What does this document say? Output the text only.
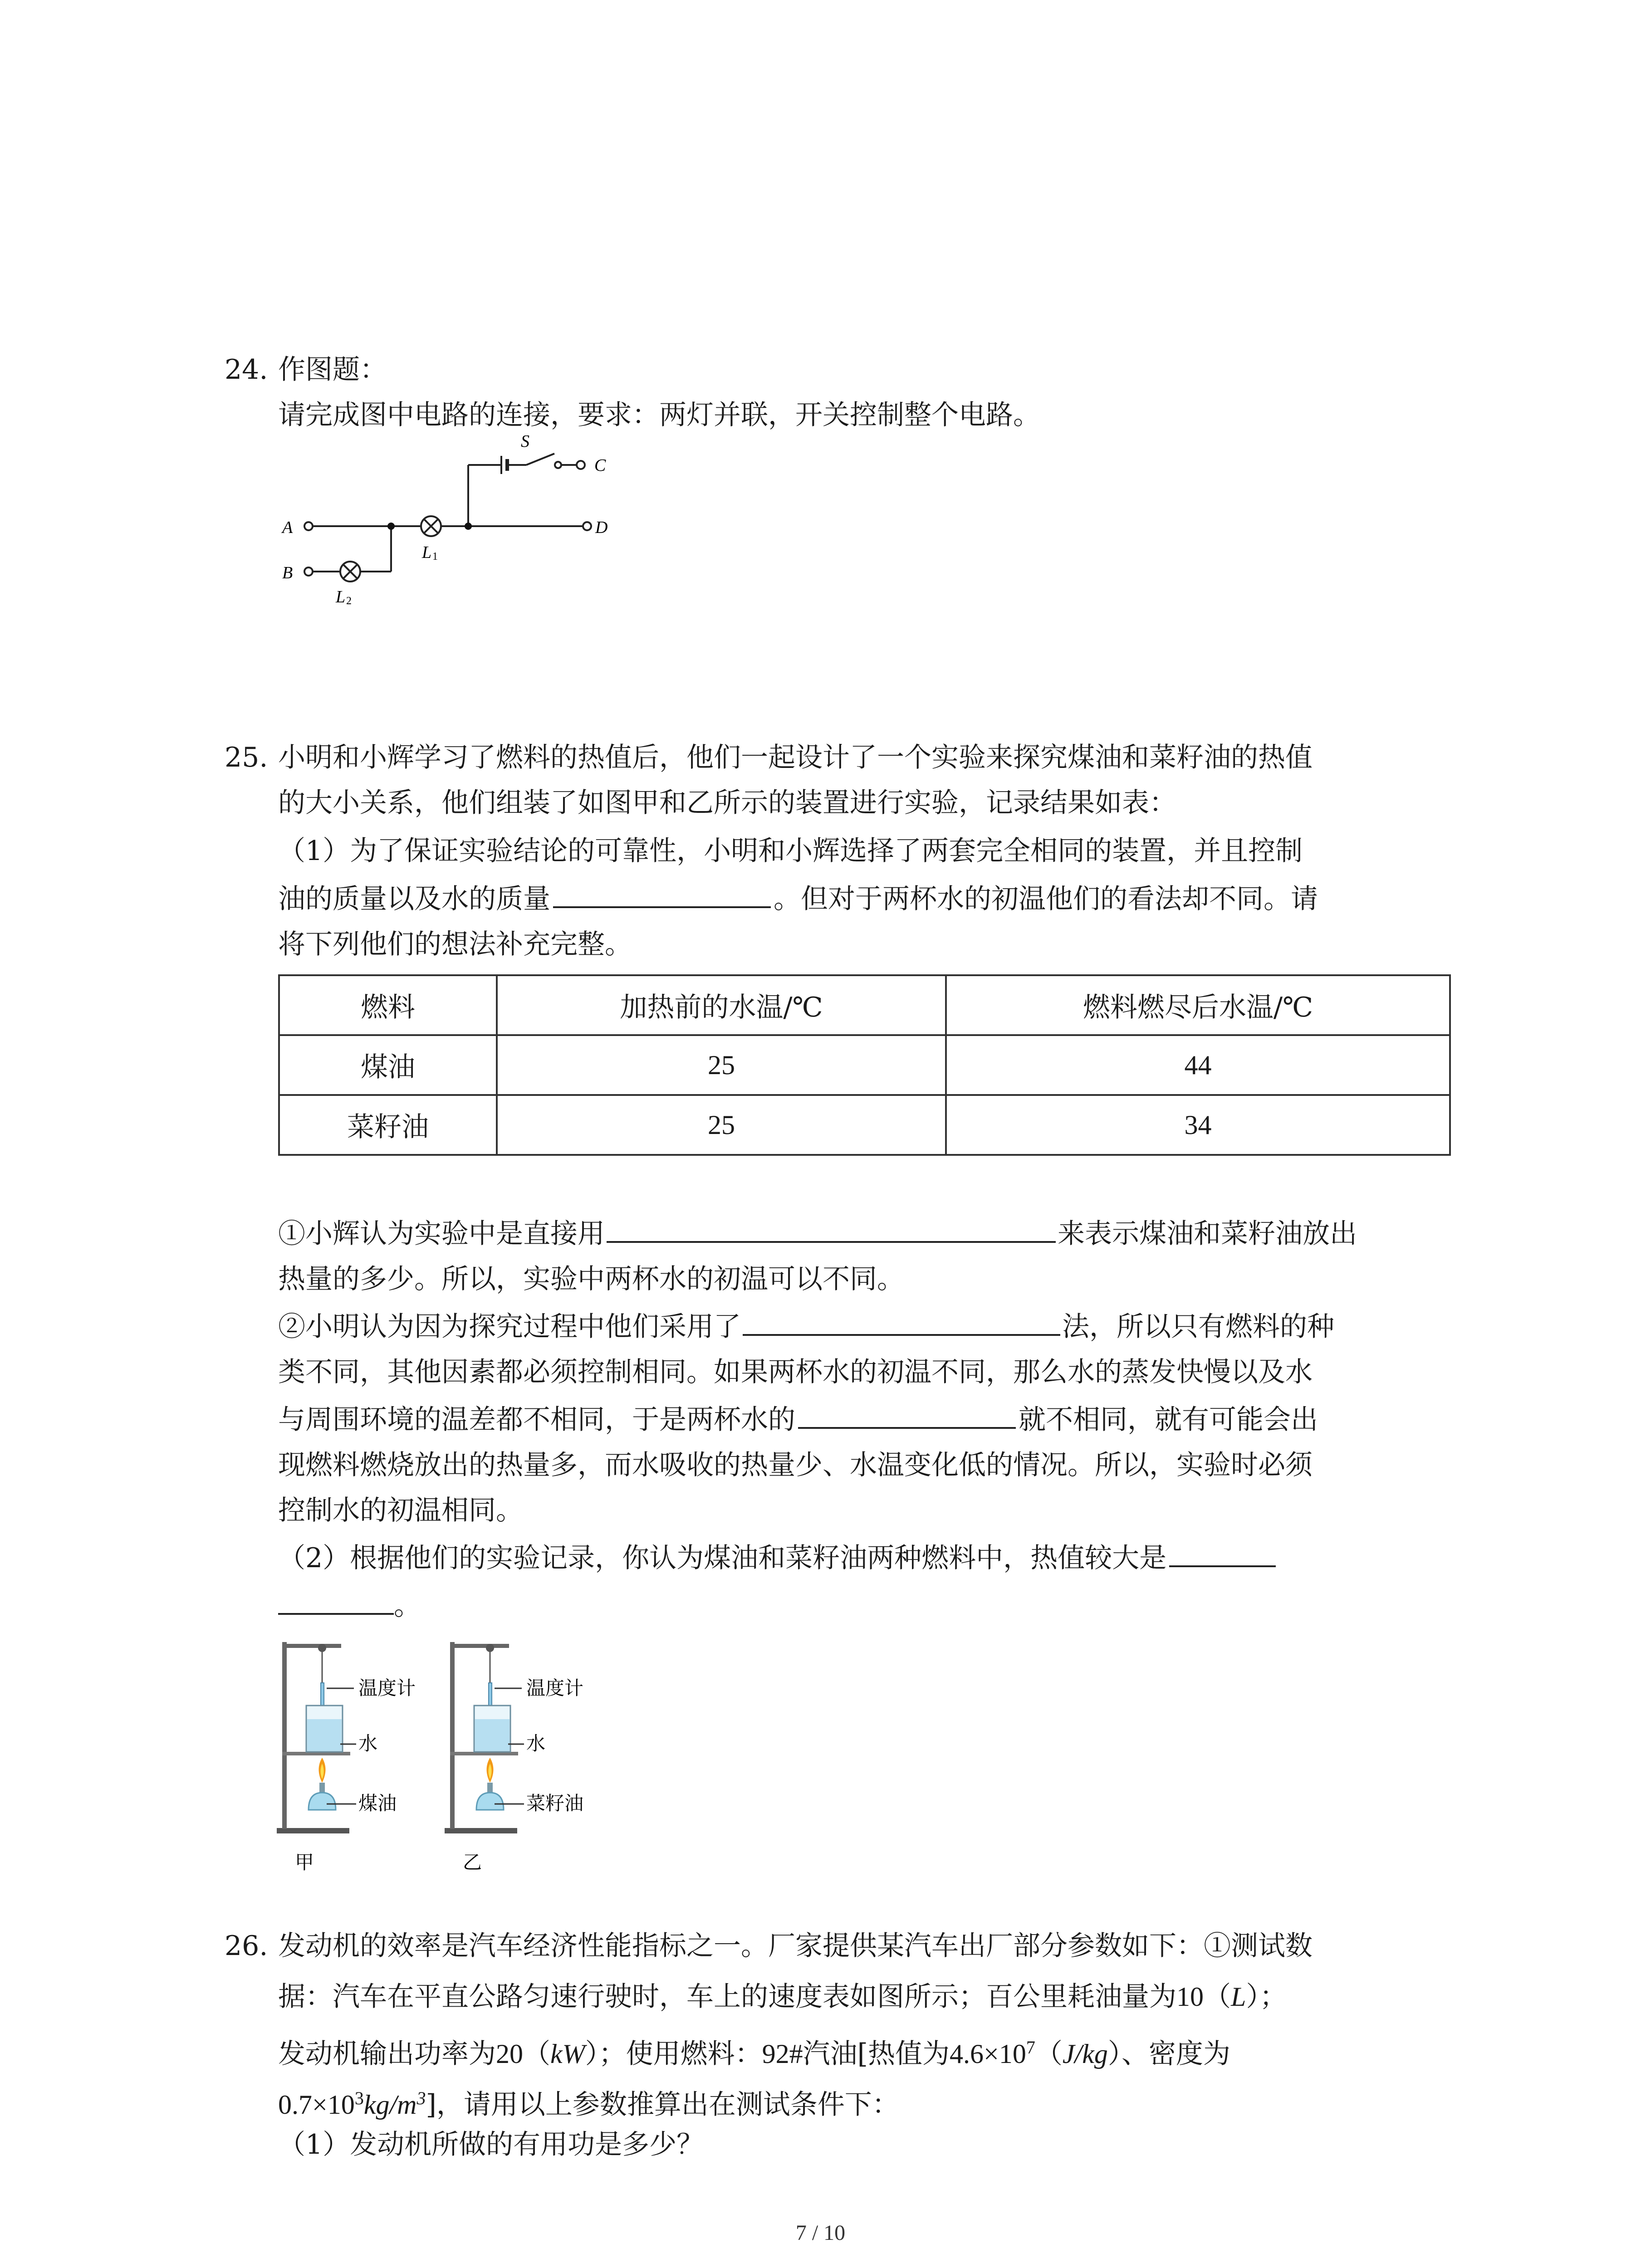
24. 作图题：
请完成图中电路的连接，要求：两灯并联，开关控制整个电路。
A
B
C
D
S
L 1
L 2
25. 小明和小辉学习了燃料的热值后，他们一起设计了一个实验来探究煤油和菜籽油的热值
的大小关系，他们组装了如图甲和乙所示的装置进行实验，记录结果如表：
（1）为了保证实验结论的可靠性，小明和小辉选择了两套完全相同的装置，并且控制
油的质量以及水的质量	。但对于两杯水的初温他们的看法却不同。请
将下列他们的想法补充完整。
燃料	加热前的水温/℃	燃料燃尽后水温/℃
煤油	25	44
菜籽油	25	34
①小辉认为实验中是直接用	来表示煤油和菜籽油放出
热量的多少。所以，实验中两杯水的初温可以不同。
②小明认为因为探究过程中他们采用了	法，所以只有燃料的种
类不同，其他因素都必须控制相同。如果两杯水的初温不同，那么水的蒸发快慢以及水
与周围环境的温差都不相同，于是两杯水的	就不相同，就有可能会出
现燃料燃烧放出的热量多，而水吸收的热量少、水温变化低的情况。所以，实验时必须
控制水的初温相同。
（2）根据他们的实验记录，你认为煤油和菜籽油两种燃料中，热值较大是
。
温度计
水
煤油
甲
温度计
水
菜籽油
乙
26. 发动机的效率是汽车经济性能指标之一。厂家提供某汽车出厂部分参数如下：①测试数
据：汽车在平直公路匀速行驶时，车上的速度表如图所示；百公里耗油量为10（L）；
发动机输出功率为20（kW）；使用燃料：92#汽油[热值为$4.6\times 10^7(J/kg)$、密度为
$0.7\times 10^3kg/m^3$]，请用以上参数推算出在测试条件下：
（1）发动机所做的有用功是多少？
7 / 10
